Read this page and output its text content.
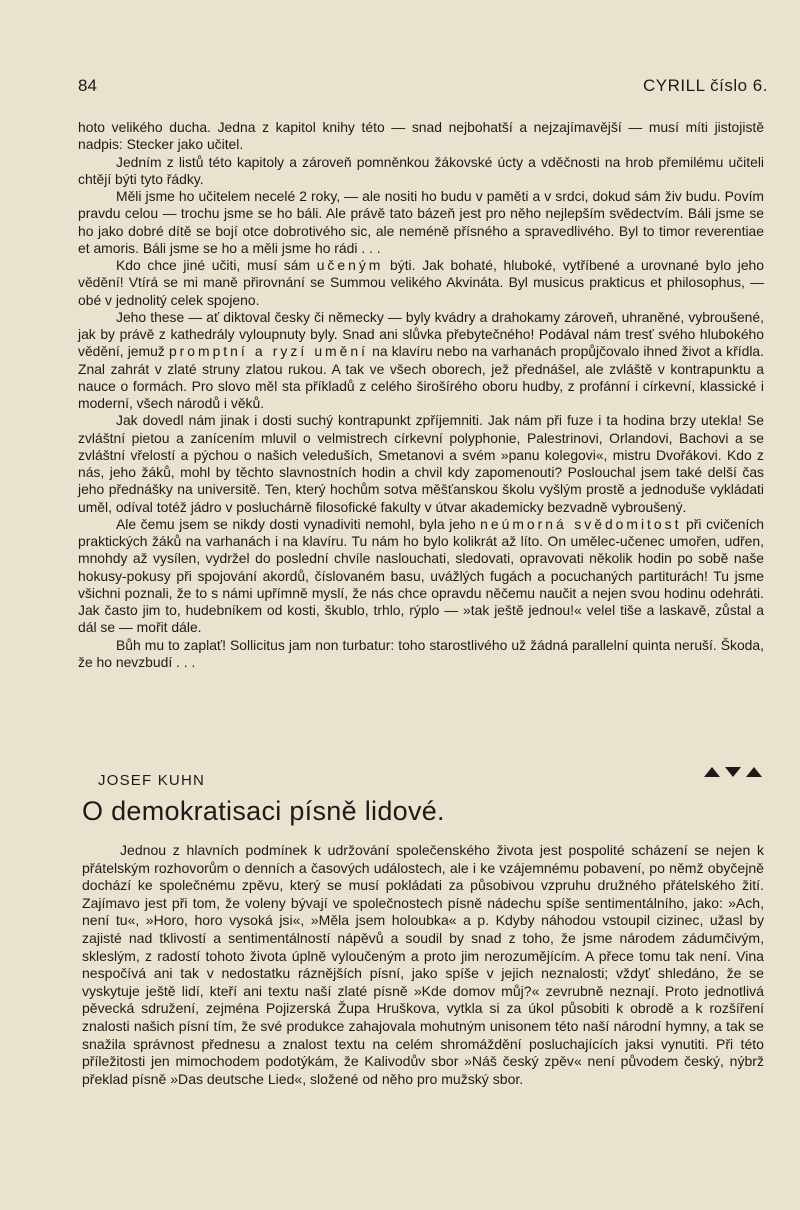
84	CYRILL číslo 6.

hoto velikého ducha. Jedna z kapitol knihy této — snad nejbohatší a nejzajímavější — musí míti jistojistě nadpis: Stecker jako učitel.

Jedním z listů této kapitoly a zároveň pomněnkou žákovské úcty a vděčnosti na hrob přemilému učiteli chtějí býti tyto řádky.

Měli jsme ho učitelem necelé 2 roky, — ale nositi ho budu v paměti a v srdci, dokud sám živ budu. Povím pravdu celou — trochu jsme se ho báli. Ale právě tato bázeň jest pro něho nejlepším svědectvím. Báli jsme se ho jako dobré dítě se bojí otce dobrotivého sic, ale neméně přísného a spravedlivého. Byl to timor reverentiae et amoris. Báli jsme se ho a měli jsme ho rádi . . .

Kdo chce jiné učiti, musí sám učeným býti. Jak bohaté, hluboké, vytříbené a urovnané bylo jeho vědění! Vtírá se mi maně přirovnání se Summou velikého Akvináta. Byl musicus prakticus et philosophus, — obé v jednolitý celek spojeno.

Jeho these — ať diktoval česky či německy — byly kvádry a drahokamy zároveň, uhraněné, vybroušené, jak by právě z kathedrály vyloupnuty byly. Snad ani slůvka přebytečného! Podával nám tresť svého hlubokého vědění, jemuž promptní a ryzí umění na klavíru nebo na varhanách propůjčovalo ihned život a křídla. Znal zahrát v zlaté struny zlatou rukou. A tak ve všech oborech, jež přednášel, ale zvláště v kontrapunktu a nauce o formách. Pro slovo měl sta příkladů z celého širošírého oboru hudby, z profánní i církevní, klassické i moderní, všech národů i věků.

Jak dovedl nám jinak i dosti suchý kontrapunkt zpříjemniti. Jak nám při fuze i ta hodina brzy utekla! Se zvláštní pietou a zanícením mluvil o velmistrech církevní polyphonie, Palestrinovi, Orlandovi, Bachovi a se zvláštní vřelostí a pýchou o našich veleduších, Smetanovi a svém »panu kolegovi«, mistru Dvořákovi. Kdo z nás, jeho žáků, mohl by těchto slavnostních hodin a chvil kdy zapomenouti? Poslouchal jsem také delší čas jeho přednášky na universitě. Ten, který hochům sotva měšťanskou školu vyšlým prostě a jednoduše vykládati uměl, odíval totéž jádro v posluchárně filosofické fakulty v útvar akademicky bezvadně vybroušený.

Ale čemu jsem se nikdy dosti vynadiviti nemohl, byla jeho neúmorná svědomitost při cvičeních praktických žáků na varhanách i na klavíru. Tu nám ho bylo kolikrát až líto. On umělec-učenec umořen, udřen, mnohdy až vysílen, vydržel do poslední chvíle naslouchati, sledovati, opravovati několik hodin po sobě naše hokusy-pokusy při spojování akordů, číslovaném basu, uvážlých fugách a pocuchaných partiturách! Tu jsme všichni poznali, že to s námi upřímně myslí, že nás chce opravdu něčemu naučit a nejen svou hodinu odehráti. Jak často jim to, hudebníkem od kosti, škublo, trhlo, rýplo — »tak ještě jednou!« velel tiše a laskavě, zůstal a dál se — mořit dále.

Bůh mu to zaplať! Sollicitus jam non turbatur: toho starostlivého už žádná parallelní quinta neruší. Škoda, že ho nevzbudí . . .

JOSEF KUHN
O demokratisaci písně lidové.

Jednou z hlavních podmínek k udržování společenského života jest pospolité scházení se nejen k přátelským rozhovorům o denních a časových událostech, ale i ke vzájemnému pobavení, po němž obyčejně dochází ke společnému zpěvu, který se musí pokládati za působivou vzpruhu družného přátelského žití. Zajímavo jest při tom, že voleny bývají ve společnostech písně nádechu spíše sentimentálního, jako: »Ach, není tu«, »Horo, horo vysoká jsi«, »Měla jsem holoubka« a p. Kdyby náhodou vstoupil cizinec, užasl by zajisté nad tklivostí a sentimentálností nápěvů a soudil by snad z toho, že jsme národem zádumčivým, skleslým, z radostí tohoto života úplně vyloučeným a proto jim nerozumějícím. A přece tomu tak není. Vina nespočívá ani tak v nedostatku ráznějších písní, jako spíše v jejich neznalosti; vždyť shledáno, že se vyskytuje ještě lidí, kteří ani textu naší zlaté písně »Kde domov můj?« zevrubně neznají. Proto jednotlivá pěvecká sdružení, zejména Pojizerská Župa Hruškova, vytkla si za úkol působiti k obrodě a k rozšíření znalosti našich písní tím, že své produkce zahajovala mohutným unisonem této naší národní hymny, a tak se snažila správnost přednesu a znalost textu na celém shromáždění posluchajících jaksi vynutiti. Při této příležitosti jen mimochodem podotýkám, že Kalivodův sbor »Náš český zpěv« není původem český, nýbrž překlad písně »Das deutsche Lied«, složené od něho pro mužský sbor.
